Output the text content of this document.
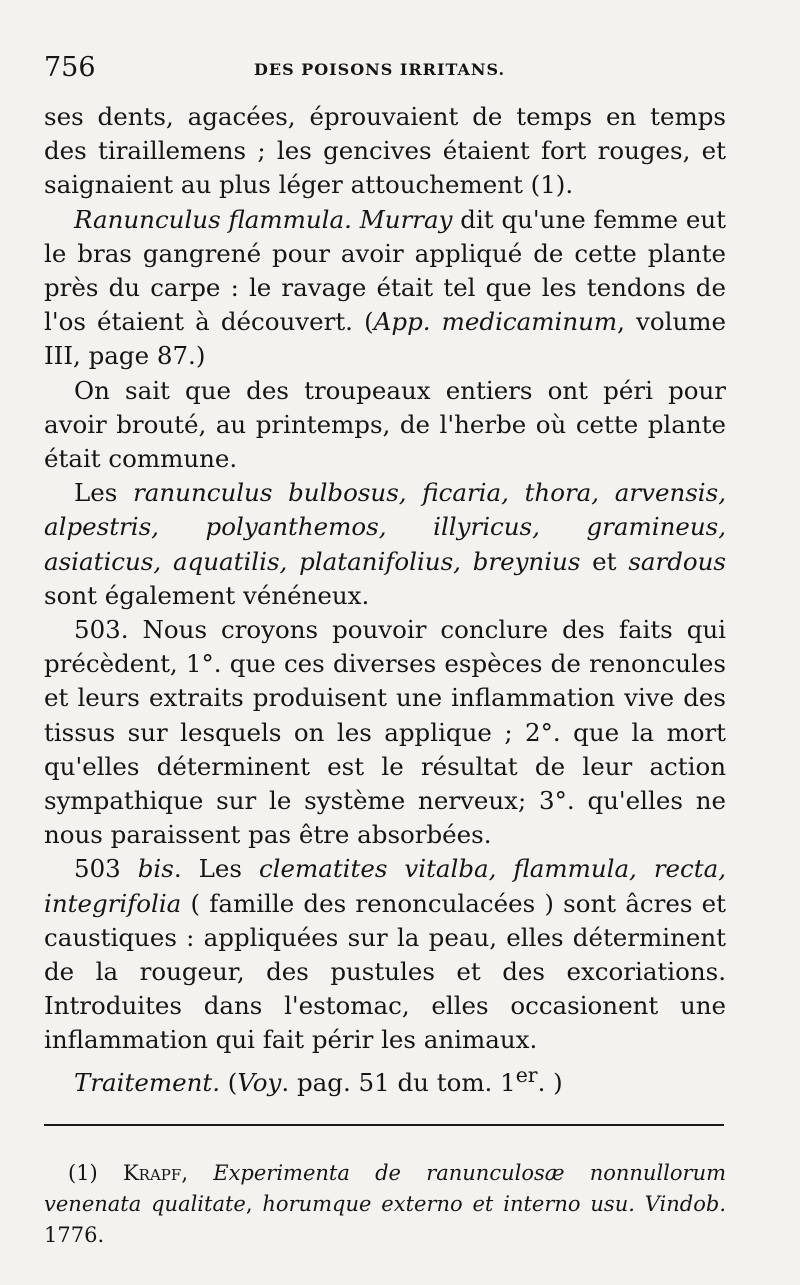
756	DES POISONS IRRITANS.

ses dents, agacées, éprouvaient de temps en temps des tiraillemens ; les gencives étaient fort rouges, et saignaient au plus léger attouchement (1).

Ranunculus flammula. Murray dit qu'une femme eut le bras gangrené pour avoir appliqué de cette plante près du carpe : le ravage était tel que les tendons de l'os étaient à découvert. (App. medicaminum, volume III, page 87.)

On sait que des troupeaux entiers ont péri pour avoir brouté, au printemps, de l'herbe où cette plante était commune.

Les ranunculus bulbosus, ficaria, thora, arvensis, alpestris, polyanthemos, illyricus, gramineus, asiaticus, aquatilis, platanifolius, breynius et sardous sont également vénéneux.

503. Nous croyons pouvoir conclure des faits qui précèdent, 1°. que ces diverses espèces de renoncules et leurs extraits produisent une inflammation vive des tissus sur lesquels on les applique ; 2°. que la mort qu'elles déterminent est le résultat de leur action sympathique sur le système nerveux; 3°. qu'elles ne nous paraissent pas être absorbées.

503 bis. Les clematites vitalba, flammula, recta, integrifolia ( famille des renonculacées ) sont âcres et caustiques : appliquées sur la peau, elles déterminent de la rougeur, des pustules et des excoriations. Introduites dans l'estomac, elles occasionent une inflammation qui fait périr les animaux.

Traitement. (Voy. pag. 51 du tom. 1er. )

(1) Krapf, Experimenta de ranunculosæ nonnullorum venenata qualitate, horumque externo et interno usu. Vindob. 1776.
